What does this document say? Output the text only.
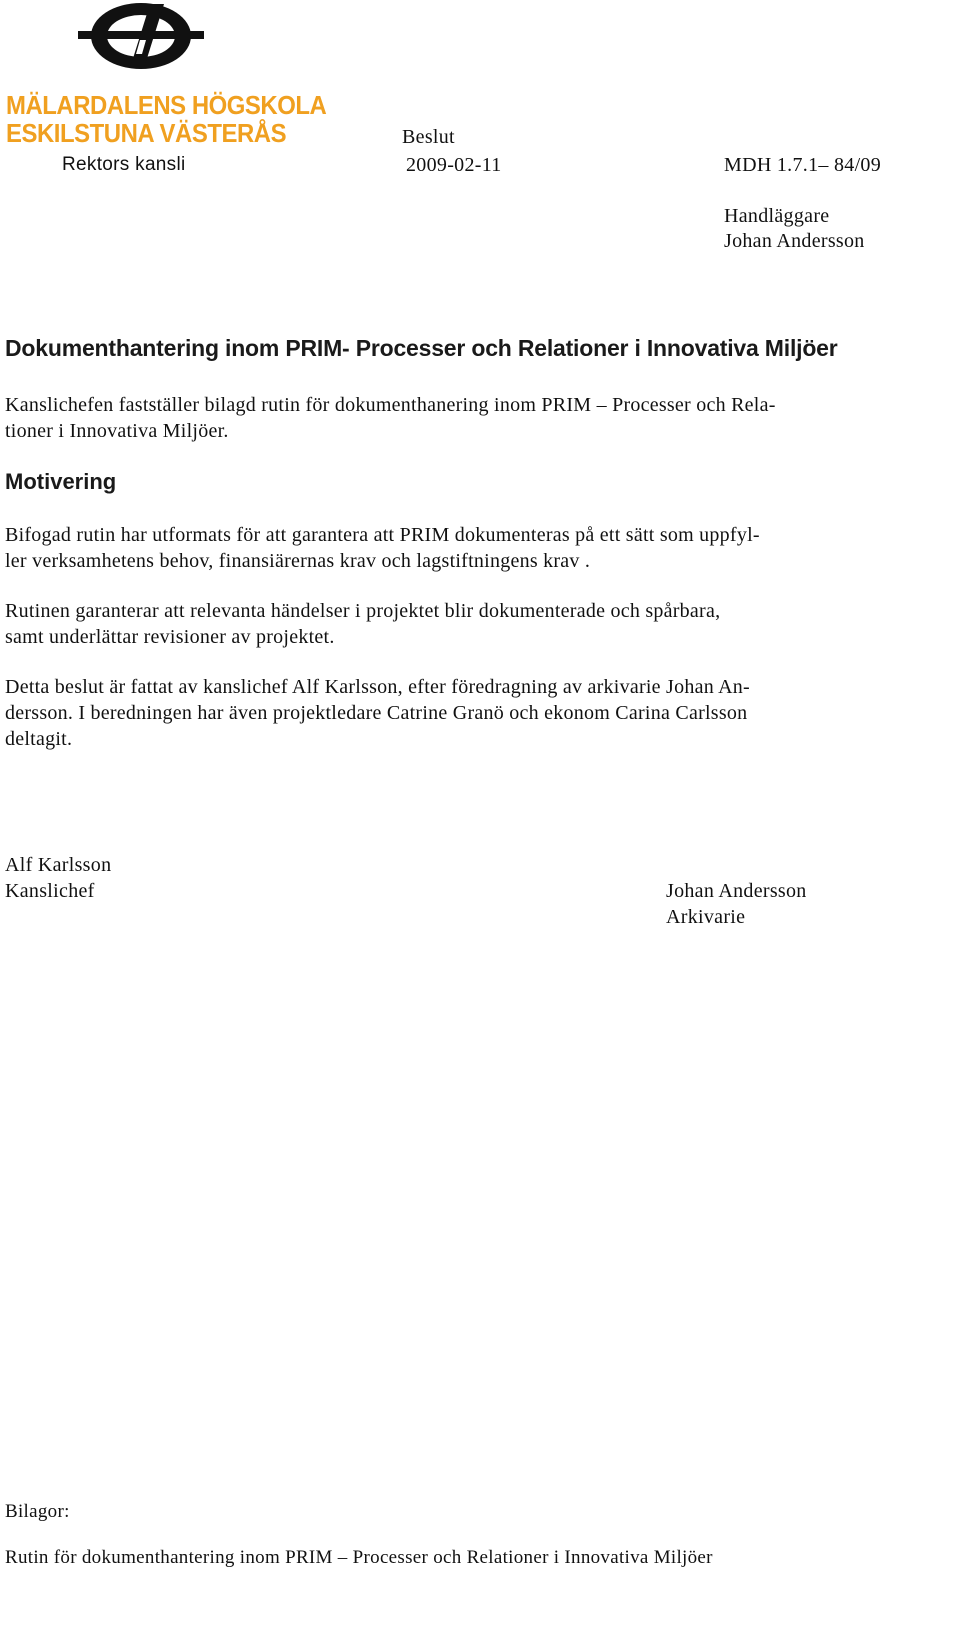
MÄLARDALENS HÖGSKOLA
ESKILSTUNA VÄSTERÅS	Beslut
Rektors kansli	2009-02-11	MDH 1.7.1– 84/09
Handläggare
Johan Andersson
Dokumenthantering inom PRIM- Processer och Relationer i Innovativa Miljöer

Kanslichefen fastställer bilagd rutin för dokumenthanering inom PRIM – Processer och Rela-

tioner i Innovativa Miljöer.

Motivering

Bifogad rutin har utformats för att garantera att PRIM dokumenteras på ett sätt som uppfyl-

ler verksamhetens behov, finansiärernas krav och lagstiftningens krav .

Rutinen garanterar att relevanta händelser i projektet blir dokumenterade och spårbara,

samt underlättar revisioner av projektet.

Detta beslut är fattat av kanslichef Alf Karlsson, efter föredragning av arkivarie Johan An-

dersson. I beredningen har även projektledare Catrine Granö och ekonom Carina Carlsson

deltagit.

Alf Karlsson
Kanslichef	Johan Andersson
Arkivarie
Bilagor:
Rutin för dokumenthantering inom PRIM – Processer och Relationer i Innovativa Miljöer
